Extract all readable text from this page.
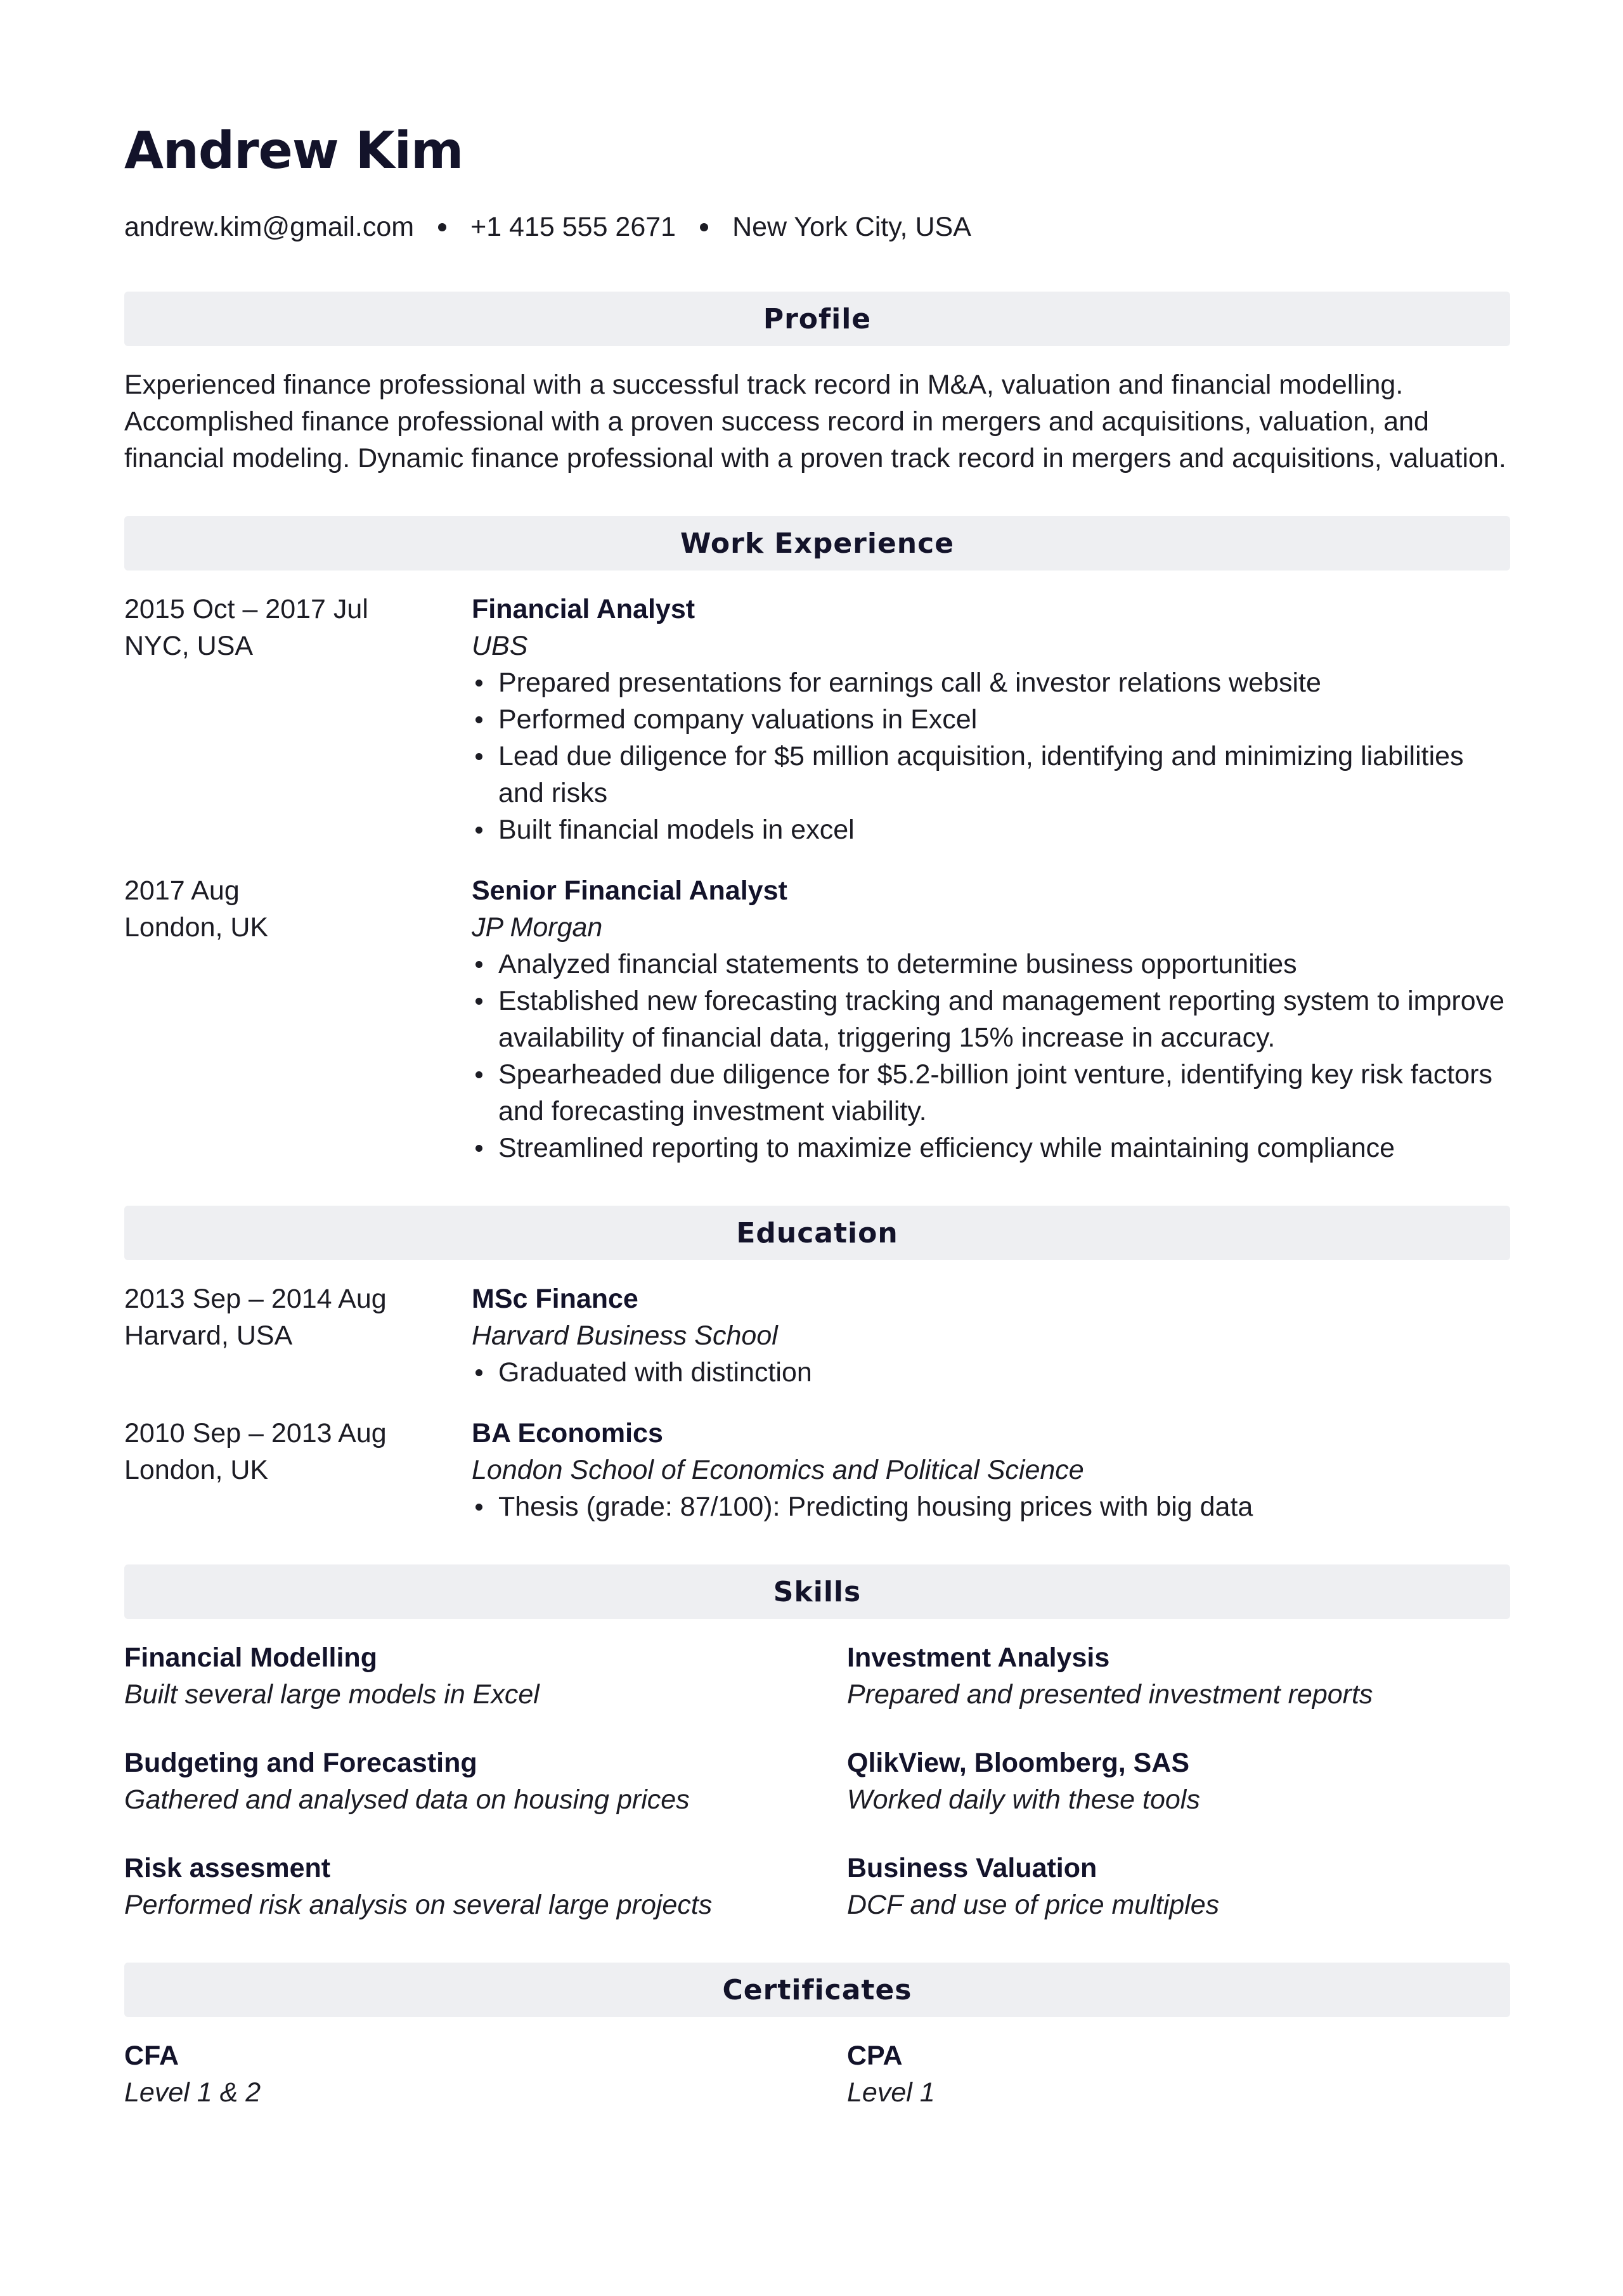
Andrew Kim
andrew.kim@gmail.com +1 415 555 2671 New York City, USA
Profile

Experienced finance professional with a successful track record in M&A, valuation and financial modelling. Accomplished finance professional with a proven success record in mergers and acquisitions, valuation, and financial modeling. Dynamic finance professional with a proven track record in mergers and acquisitions, valuation.

Work Experience
2015 Oct – 2017 Jul
NYC, USA
Financial Analyst
UBS
Prepared presentations for earnings call & investor relations website
Performed company valuations in Excel
Lead due diligence for $5 million acquisition, identifying and minimizing liabilities and risks
Built financial models in excel
2017 Aug
London, UK
Senior Financial Analyst
JP Morgan
Analyzed financial statements to determine business opportunities
Established new forecasting tracking and management reporting system to improve availability of financial data, triggering 15% increase in accuracy.
Spearheaded due diligence for $5.2-billion joint venture, identifying key risk factors and forecasting investment viability.
Streamlined reporting to maximize efficiency while maintaining compliance
Education
2013 Sep – 2014 Aug
Harvard, USA
MSc Finance
Harvard Business School
Graduated with distinction
2010 Sep – 2013 Aug
London, UK
BA Economics
London School of Economics and Political Science
Thesis (grade: 87/100): Predicting housing prices with big data
Skills
Financial Modelling
Built several large models in Excel
Investment Analysis
Prepared and presented investment reports
Budgeting and Forecasting
Gathered and analysed data on housing prices
QlikView, Bloomberg, SAS
Worked daily with these tools
Risk assesment
Performed risk analysis on several large projects
Business Valuation
DCF and use of price multiples
Certificates
CFA
Level 1 & 2
CPA
Level 1
